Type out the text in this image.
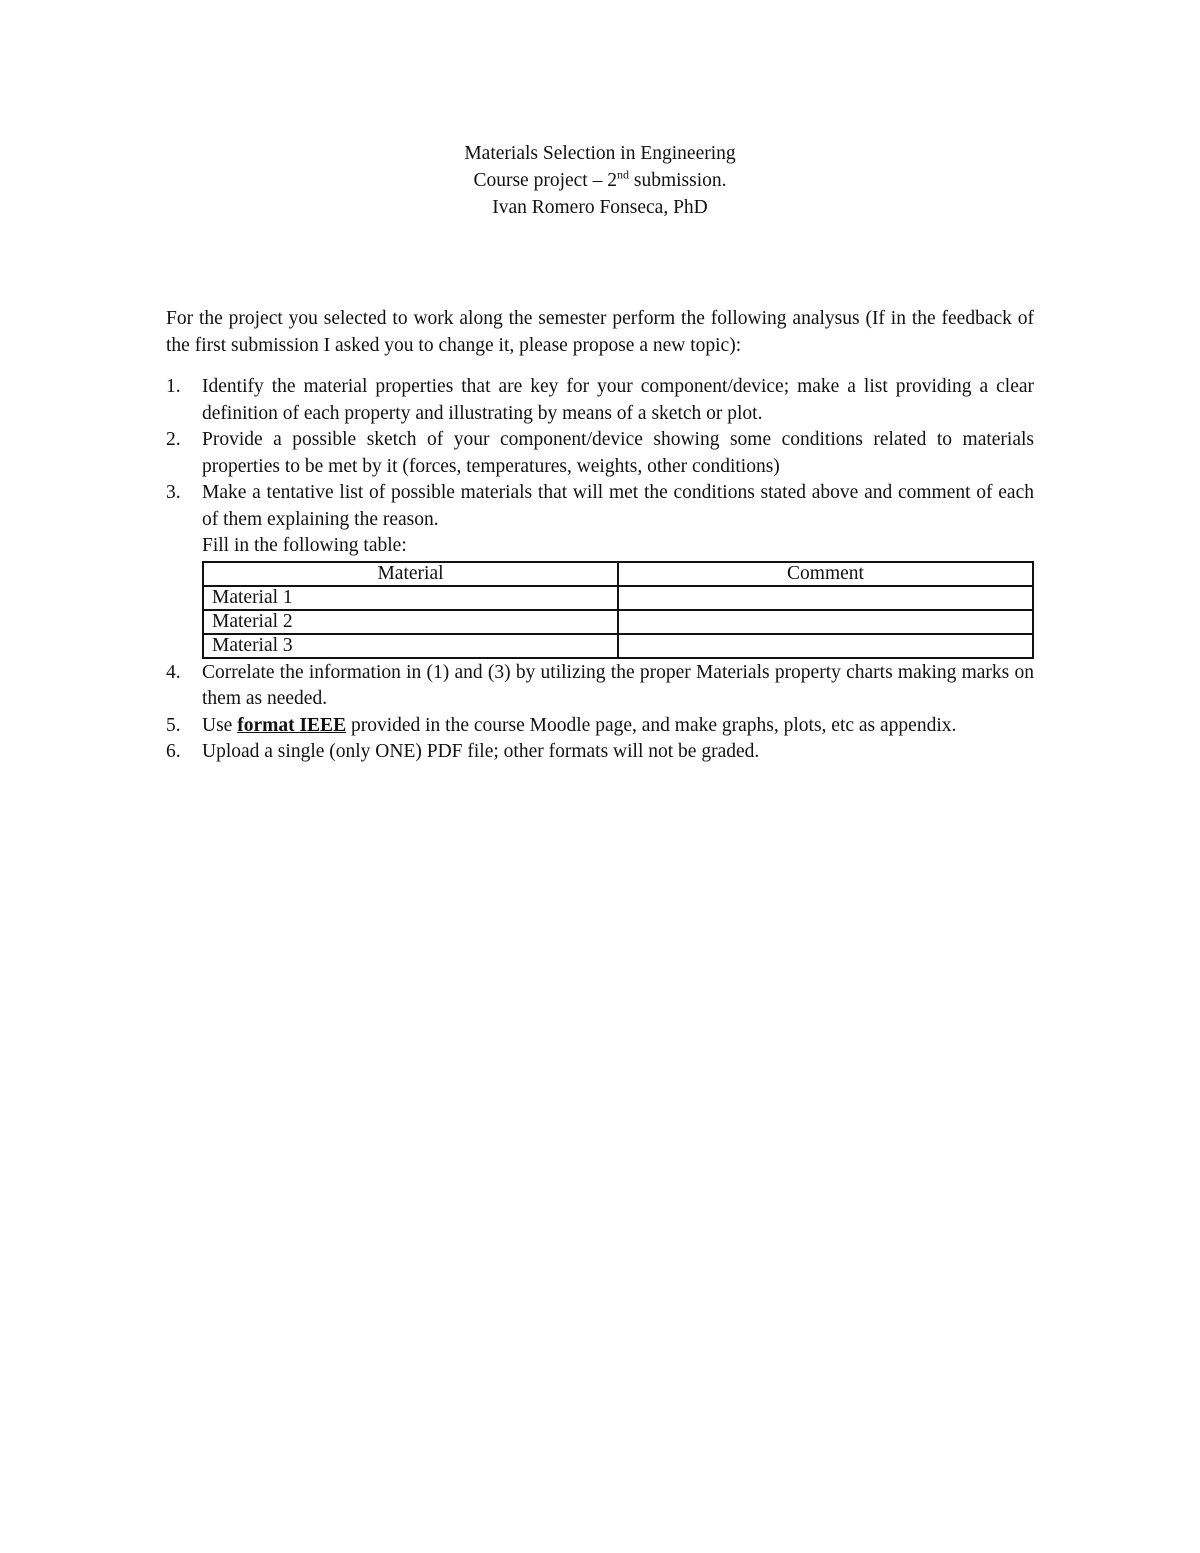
Materials Selection in Engineering
Course project – 2nd submission.
Ivan Romero Fonseca, PhD
For the project you selected to work along the semester perform the following analysus (If in the feedback of the first submission I asked you to change it, please propose a new topic):
1. Identify the material properties that are key for your component/device; make a list providing a clear definition of each property and illustrating by means of a sketch or plot.
2. Provide a possible sketch of your component/device showing some conditions related to materials properties to be met by it (forces, temperatures, weights, other conditions)
3. Make a tentative list of possible materials that will met the conditions stated above and comment of each of them explaining the reason.
Fill in the following table:
Material	Comment
Material 1	
Material 2	
Material 3	
4. Correlate the information in (1) and (3) by utilizing the proper Materials property charts making marks on them as needed.
5. Use format IEEE provided in the course Moodle page, and make graphs, plots, etc as appendix.
6. Upload a single (only ONE) PDF file; other formats will not be graded.
